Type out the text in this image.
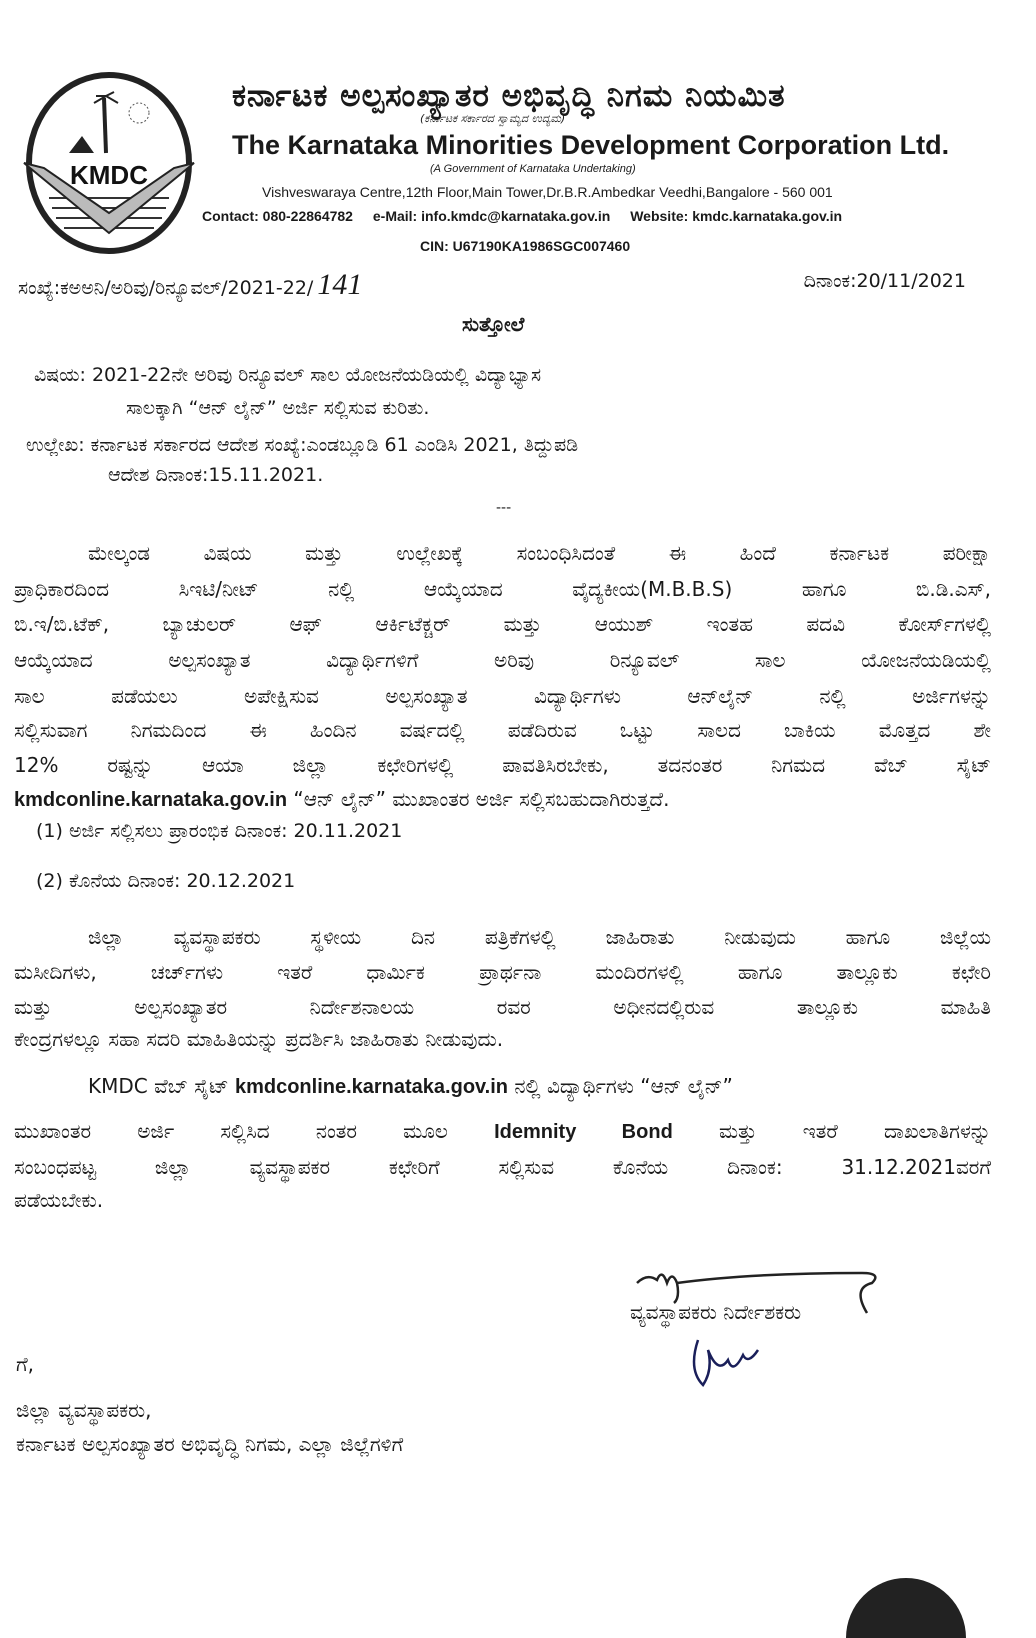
KMDC
ಕರ್ನಾಟಕ ಅಲ್ಪಸಂಖ್ಯಾತರ ಅಭಿವೃದ್ಧಿ ನಿಗಮ ನಿಯಮಿತ
(ಕರ್ನಾಟಕ ಸರ್ಕಾರದ ಸ್ವಾಮ್ಯದ ಉದ್ಯಮ)
The Karnataka Minorities Development Corporation Ltd.
(A Government of Karnataka Undertaking)
Vishveswaraya Centre,12th Floor,Main Tower,Dr.B.R.Ambedkar Veedhi,Bangalore - 560 001
Contact: 080-22864782 e-Mail: info.kmdc@karnataka.gov.in Website: kmdc.karnataka.gov.in
CIN: U67190KA1986SGC007460
ಸಂಖ್ಯೆ:ಕಅಅನಿ/ಅರಿವು/ರಿನ್ಯೂವಲ್/2021-22/ 141	ದಿನಾಂಕ:20/11/2021
ಸುತ್ತೋಲೆ
ವಿಷಯ: 2021-22ನೇ ಅರಿವು ರಿನ್ಯೂವಲ್ ಸಾಲ ಯೋಜನೆಯಡಿಯಲ್ಲಿ ವಿದ್ಯಾಭ್ಯಾಸ
ಸಾಲಕ್ಕಾಗಿ “ಆನ್ ಲೈನ್” ಅರ್ಜಿ ಸಲ್ಲಿಸುವ ಕುರಿತು.
ಉಲ್ಲೇಖ: ಕರ್ನಾಟಕ ಸರ್ಕಾರದ ಆದೇಶ ಸಂಖ್ಯೆ:ಎಂಡಬ್ಲೂಡಿ 61 ಎಂಡಿಸಿ 2021, ತಿದ್ದುಪಡಿ
ಆದೇಶ ದಿನಾಂಕ:15.11.2021.
---
ಮೇಲ್ಕಂಡ ವಿಷಯ ಮತ್ತು ಉಲ್ಲೇಖಕ್ಕೆ ಸಂಬಂಧಿಸಿದಂತೆ ಈ ಹಿಂದೆ ಕರ್ನಾಟಕ ಪರೀಕ್ಷಾ
ಪ್ರಾಧಿಕಾರದಿಂದ ಸಿಇಟಿ/ನೀಟ್ ನಲ್ಲಿ ಆಯ್ಕೆಯಾದ ವೈದ್ಯಕೀಯ(M.B.B.S) ಹಾಗೂ ಬಿ.ಡಿ.ಎಸ್,
ಬಿ.ಇ/ಬಿ.ಟೆಕ್, ಬ್ಯಾಚುಲರ್ ಆಫ್ ಆರ್ಕಿಟೆಕ್ಚರ್ ಮತ್ತು ಆಯುಶ್ ಇಂತಹ ಪದವಿ ಕೋರ್ಸ್‌ಗಳಲ್ಲಿ
ಆಯ್ಕೆಯಾದ ಅಲ್ಪಸಂಖ್ಯಾತ ವಿದ್ಯಾರ್ಥಿಗಳಿಗೆ ಅರಿವು ರಿನ್ಯೂವಲ್ ಸಾಲ ಯೋಜನೆಯಡಿಯಲ್ಲಿ
ಸಾಲ ಪಡೆಯಲು ಅಪೇಕ್ಷಿಸುವ ಅಲ್ಪಸಂಖ್ಯಾತ ವಿದ್ಯಾರ್ಥಿಗಳು ಆನ್‌ಲೈನ್ ನಲ್ಲಿ ಅರ್ಜಿಗಳನ್ನು
ಸಲ್ಲಿಸುವಾಗ ನಿಗಮದಿಂದ ಈ ಹಿಂದಿನ ವರ್ಷದಲ್ಲಿ ಪಡೆದಿರುವ ಒಟ್ಟು ಸಾಲದ ಬಾಕಿಯ ಮೊತ್ತದ ಶೇ
12% ರಷ್ಟನ್ನು ಆಯಾ ಜಿಲ್ಲಾ ಕಛೇರಿಗಳಲ್ಲಿ ಪಾವತಿಸಿರಬೇಕು, ತದನಂತರ ನಿಗಮದ ವೆಬ್ ಸೈಟ್
kmdconline.karnataka.gov.in “ಆನ್ ಲೈನ್” ಮುಖಾಂತರ ಅರ್ಜಿ ಸಲ್ಲಿಸಬಹುದಾಗಿರುತ್ತದೆ.
(1) ಅರ್ಜಿ ಸಲ್ಲಿಸಲು ಪ್ರಾರಂಭಿಕ ದಿನಾಂಕ: 20.11.2021
(2) ಕೊನೆಯ ದಿನಾಂಕ: 20.12.2021
ಜಿಲ್ಲಾ ವ್ಯವಸ್ಥಾಪಕರು ಸ್ಥಳೀಯ ದಿನ ಪತ್ರಿಕೆಗಳಲ್ಲಿ ಜಾಹಿರಾತು ನೀಡುವುದು ಹಾಗೂ ಜಿಲ್ಲೆಯ
ಮಸೀದಿಗಳು, ಚರ್ಚ್‌ಗಳು ಇತರೆ ಧಾರ್ಮಿಕ ಪ್ರಾರ್ಥನಾ ಮಂದಿರಗಳಲ್ಲಿ ಹಾಗೂ ತಾಲ್ಲೂಕು ಕಛೇರಿ
ಮತ್ತು ಅಲ್ಪಸಂಖ್ಯಾತರ ನಿರ್ದೇಶನಾಲಯ ರವರ ಅಧೀನದಲ್ಲಿರುವ ತಾಲ್ಲೂಕು ಮಾಹಿತಿ
ಕೇಂದ್ರಗಳಲ್ಲೂ ಸಹಾ ಸದರಿ ಮಾಹಿತಿಯನ್ನು ಪ್ರದರ್ಶಿಸಿ ಜಾಹಿರಾತು ನೀಡುವುದು.
KMDC ವೆಬ್ ಸೈಟ್ kmdconline.karnataka.gov.in ನಲ್ಲಿ ವಿದ್ಯಾರ್ಥಿಗಳು “ಆನ್ ಲೈನ್”
ಮುಖಾಂತರ ಅರ್ಜಿ ಸಲ್ಲಿಸಿದ ನಂತರ ಮೂಲ Idemnity Bond ಮತ್ತು ಇತರೆ ದಾಖಲಾತಿಗಳನ್ನು
ಸಂಬಂಧಪಟ್ಟ ಜಿಲ್ಲಾ ವ್ಯವಸ್ಥಾಪಕರ ಕಛೇರಿಗೆ ಸಲ್ಲಿಸುವ ಕೊನೆಯ ದಿನಾಂಕ: 31.12.2021ವರಗೆ
ಪಡೆಯಬೇಕು.
ವ್ಯವಸ್ಥಾಪಕರು ನಿರ್ದೇಶಕರು
ಗೆ,
ಜಿಲ್ಲಾ ವ್ಯವಸ್ಥಾಪಕರು,
ಕರ್ನಾಟಕ ಅಲ್ಪಸಂಖ್ಯಾತರ ಅಭಿವೃದ್ಧಿ ನಿಗಮ, ಎಲ್ಲಾ ಜಿಲ್ಲೆಗಳಿಗೆ
